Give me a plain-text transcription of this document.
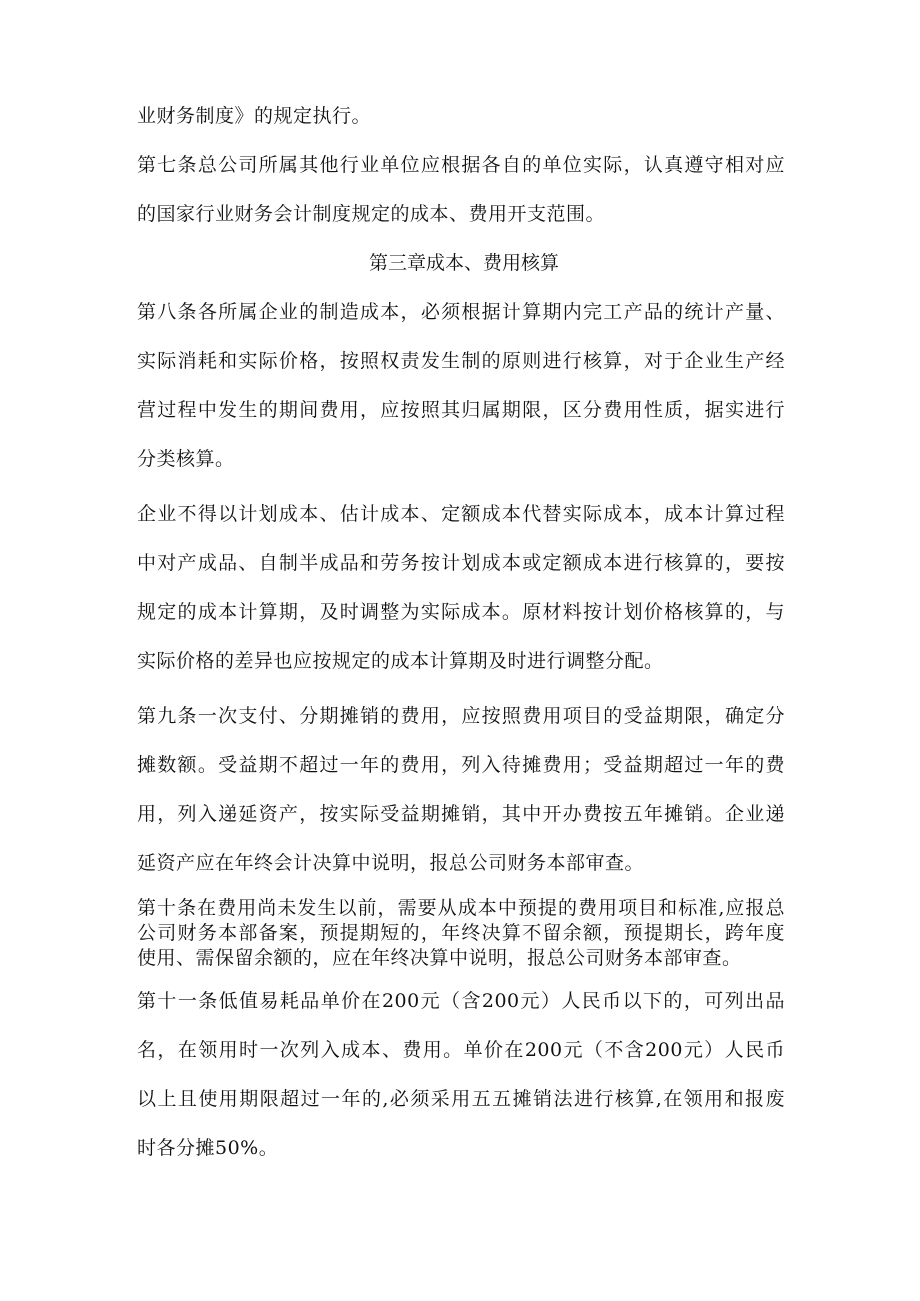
业财务制度》的规定执行。
第七条总公司所属其他行业单位应根据各自的单位实际，认真遵守相对应
的国家行业财务会计制度规定的成本、费用开支范围。
第三章成本、费用核算
第八条各所属企业的制造成本，必须根据计算期内完工产品的统计产量、
实际消耗和实际价格，按照权责发生制的原则进行核算，对于企业生产经
营过程中发生的期间费用，应按照其归属期限，区分费用性质，据实进行
分类核算。
企业不得以计划成本、估计成本、定额成本代替实际成本，成本计算过程
中对产成品、自制半成品和劳务按计划成本或定额成本进行核算的，要按
规定的成本计算期，及时调整为实际成本。原材料按计划价格核算的，与
实际价格的差异也应按规定的成本计算期及时进行调整分配。
第九条一次支付、分期摊销的费用，应按照费用项目的受益期限，确定分
摊数额。受益期不超过一年的费用，列入待摊费用；受益期超过一年的费
用，列入递延资产，按实际受益期摊销，其中开办费按五年摊销。企业递
延资产应在年终会计决算中说明，报总公司财务本部审查。
第十条在费用尚未发生以前，需要从成本中预提的费用项目和标准,应报总
公司财务本部备案，预提期短的，年终决算不留余额，预提期长，跨年度
使用、需保留余额的，应在年终决算中说明，报总公司财务本部审查。
第十一条低值易耗品单价在200元（含200元）人民币以下的，可列出品
名，在领用时一次列入成本、费用。单价在200元（不含200元）人民币
以上且使用期限超过一年的,必须采用五五摊销法进行核算,在领用和报废
时各分摊50%。
